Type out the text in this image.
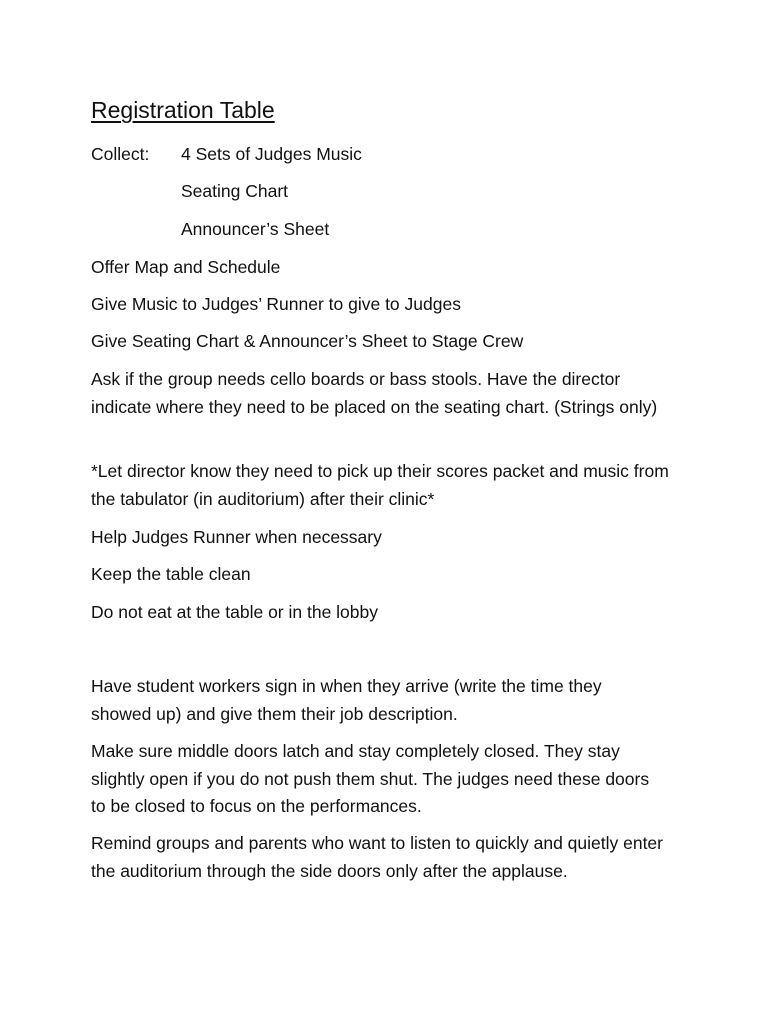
Registration Table
Collect: 4 Sets of Judges Music
Seating Chart
Announcer’s Sheet
Offer Map and Schedule
Give Music to Judges’ Runner to give to Judges
Give Seating Chart & Announcer’s Sheet to Stage Crew
Ask if the group needs cello boards or bass stools. Have the director indicate where they need to be placed on the seating chart. (Strings only)
*Let director know they need to pick up their scores packet and music from the tabulator (in auditorium) after their clinic*
Help Judges Runner when necessary
Keep the table clean
Do not eat at the table or in the lobby
Have student workers sign in when they arrive (write the time they showed up) and give them their job description.
Make sure middle doors latch and stay completely closed. They stay slightly open if you do not push them shut. The judges need these doors to be closed to focus on the performances.
Remind groups and parents who want to listen to quickly and quietly enter the auditorium through the side doors only after the applause.
